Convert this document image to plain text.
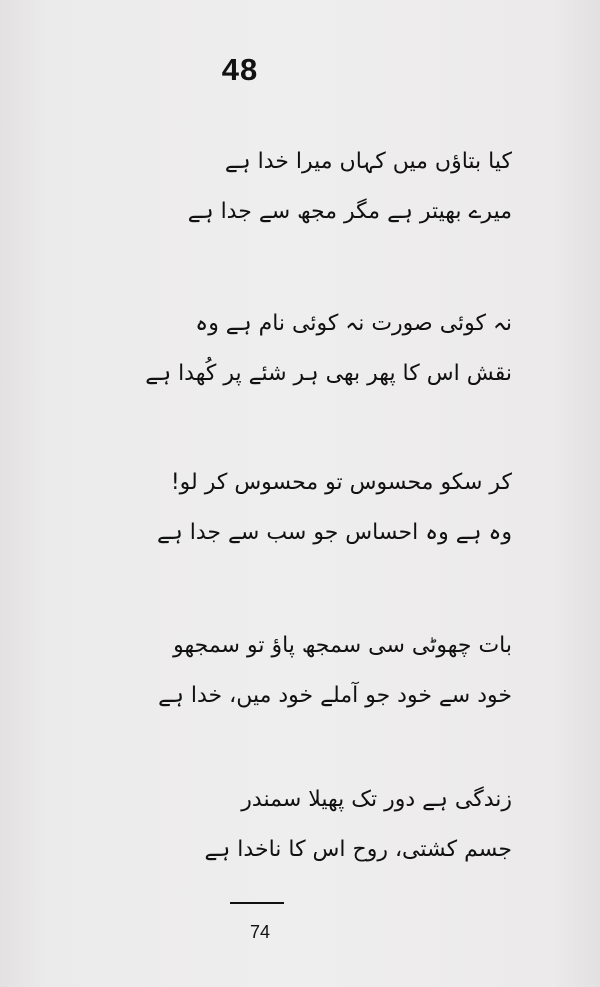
48
کیا بتاؤں میں کہاں میرا خدا ہے
میرے بھیتر ہے مگر مجھ سے جدا ہے
نہ کوئی صورت نہ کوئی نام ہے وہ
نقش اس کا پھر بھی ہر شئے پر کُھدا ہے
کر سکو محسوس تو محسوس کر لو!
وہ ہے وہ احساس جو سب سے جدا ہے
بات چھوٹی سی سمجھ پاؤ تو سمجھو
خود سے خود جو آملے خود میں، خدا ہے
زندگی ہے دور تک پھیلا سمندر
جسم کشتی، روح اس کا ناخدا ہے
74
